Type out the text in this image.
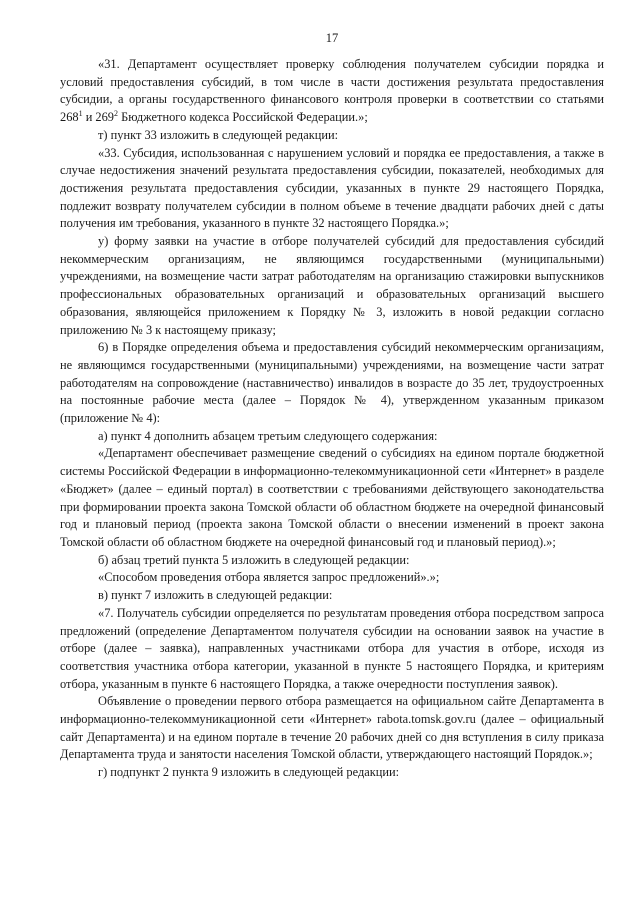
17

«31. Департамент осуществляет проверку соблюдения получателем субсидии порядка и условий предоставления субсидий, в том числе в части достижения результата предоставления субсидии, а органы государственного финансового контроля проверки в соответствии со статьями $268^1$ и $269^2$ Бюджетного кодекса Российской Федерации.»;

т) пункт 33 изложить в следующей редакции:

«33. Субсидия, использованная с нарушением условий и порядка ее предоставления, а также в случае недостижения значений результата предоставления субсидии, показателей, необходимых для достижения результата предоставления субсидии, указанных в пункте 29 настоящего Порядка, подлежит возврату получателем субсидии в полном объеме в течение двадцати рабочих дней с даты получения им требования, указанного в пункте 32 настоящего Порядка.»;

у) форму заявки на участие в отборе получателей субсидий для предоставления субсидий некоммерческим организациям, не являющимся государственными (муниципальными) учреждениями, на возмещение части затрат работодателям на организацию стажировки выпускников профессиональных образовательных организаций и образовательных организаций высшего образования, являющейся приложением к Порядку № 3, изложить в новой редакции согласно приложению № 3 к настоящему приказу;

6) в Порядке определения объема и предоставления субсидий некоммерческим организациям, не являющимся государственными (муниципальными) учреждениями, на возмещение части затрат работодателям на сопровождение (наставничество) инвалидов в возрасте до 35 лет, трудоустроенных на постоянные рабочие места (далее – Порядок № 4), утвержденном указанным приказом (приложение № 4):

а) пункт 4 дополнить абзацем третьим следующего содержания:

«Департамент обеспечивает размещение сведений о субсидиях на едином портале бюджетной системы Российской Федерации в информационно-телекоммуникационной сети «Интернет» в разделе «Бюджет» (далее – единый портал) в соответствии с требованиями действующего законодательства при формировании проекта закона Томской области об областном бюджете на очередной финансовый год и плановый период (проекта закона Томской области о внесении изменений в проект закона Томской области об областном бюджете на очередной финансовый год и плановый период).»;

б) абзац третий пункта 5 изложить в следующей редакции:

«Способом проведения отбора является запрос предложений».»;

в) пункт 7 изложить в следующей редакции:

«7. Получатель субсидии определяется по результатам проведения отбора посредством запроса предложений (определение Департаментом получателя субсидии на основании заявок на участие в отборе (далее – заявка), направленных участниками отбора для участия в отборе, исходя из соответствия участника отбора категории, указанной в пункте 5 настоящего Порядка, и критериям отбора, указанным в пункте 6 настоящего Порядка, а также очередности поступления заявок).

Объявление о проведении первого отбора размещается на официальном сайте Департамента в информационно-телекоммуникационной сети «Интернет» rabota.tomsk.gov.ru (далее – официальный сайт Департамента) и на едином портале в течение 20 рабочих дней со дня вступления в силу приказа Департамента труда и занятости населения Томской области, утверждающего настоящий Порядок.»;

г) подпункт 2 пункта 9 изложить в следующей редакции:
